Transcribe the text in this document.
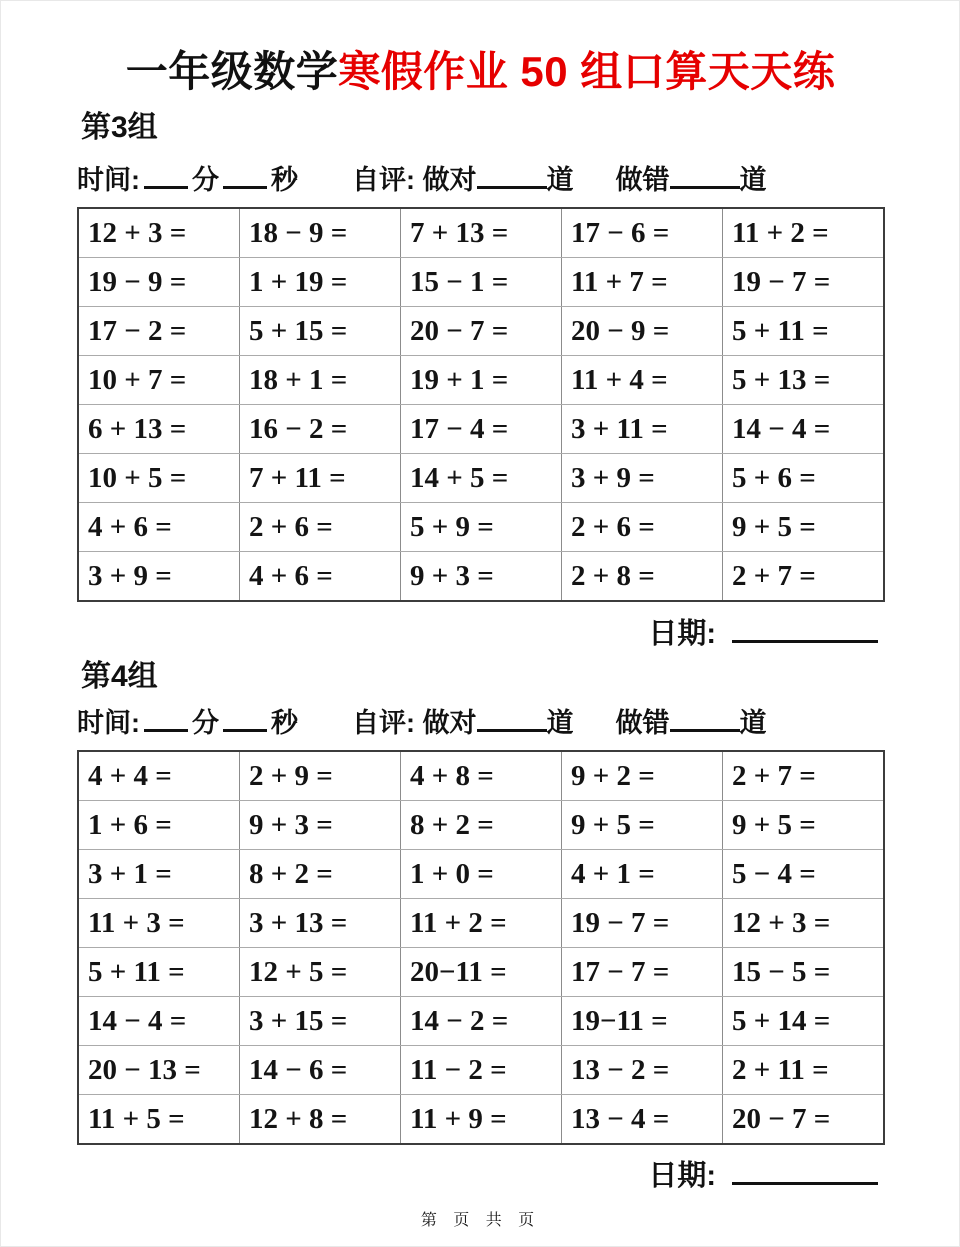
一年级数学寒假作业 50 组口算天天练
第3组
时间: 分 秒 自评: 做对	道 做错	道
12 + 3 =	18 − 9 =	7 + 13 =	17 − 6 =	11 + 2 =
19 − 9 =	1 + 19 =	15 − 1 =	11 + 7 =	19 − 7 =
17 − 2 =	5 + 15 =	20 − 7 =	20 − 9 =	5 + 11 =
10 + 7 =	18 + 1 =	19 + 1 =	11 + 4 =	5 + 13 =
6 + 13 =	16 − 2 =	17 − 4 =	3 + 11 =	14 − 4 =
10 + 5 =	7 + 11 =	14 + 5 =	3 + 9 =	5 + 6 =
4 + 6 =	2 + 6 =	5 + 9 =	2 + 6 =	9 + 5 =
3 + 9 =	4 + 6 =	9 + 3 =	2 + 8 =	2 + 7 =
日期:
第4组
时间: 分 秒 自评: 做对	道 做错	道
4 + 4 =	2 + 9 =	4 + 8 =	9 + 2 =	2 + 7 =
1 + 6 =	9 + 3 =	8 + 2 =	9 + 5 =	9 + 5 =
3 + 1 =	8 + 2 =	1 + 0 =	4 + 1 =	5 − 4 =
11 + 3 =	3 + 13 =	11 + 2 =	19 − 7 =	12 + 3 =
5 + 11 =	12 + 5 =	20−11 =	17 − 7 =	15 − 5 =
14 − 4 =	3 + 15 =	14 − 2 =	19−11 =	5 + 14 =
20 − 13 =	14 − 6 =	11 − 2 =	13 − 2 =	2 + 11 =
11 + 5 =	12 + 8 =	11 + 9 =	13 − 4 =	20 − 7 =
日期:
第 页 共 页
